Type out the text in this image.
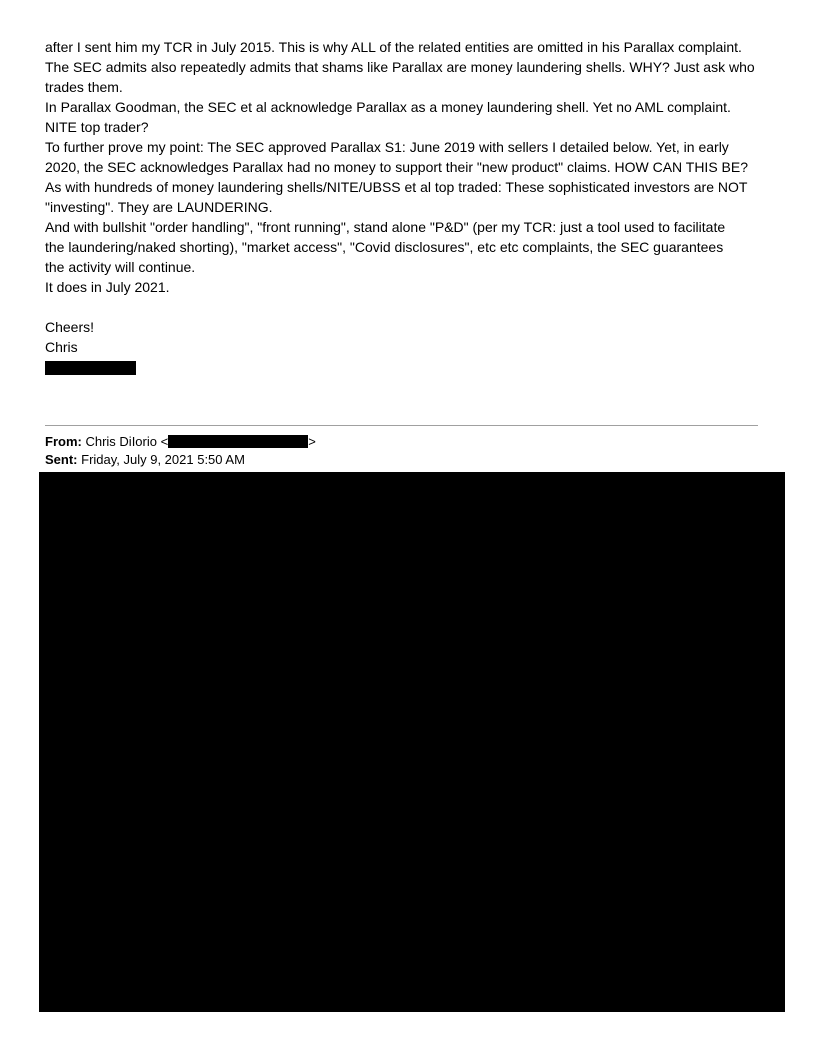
after I sent him my TCR in July 2015. This is why ALL of the related entities are omitted in his Parallax complaint.
The SEC admits also repeatedly admits that shams like Parallax are money laundering shells. WHY? Just ask who
trades them.
In Parallax Goodman, the SEC et al acknowledge Parallax as a money laundering shell. Yet no AML complaint.
NITE top trader?
To further prove my point: The SEC approved Parallax S1: June 2019 with sellers I detailed below. Yet, in early
2020, the SEC acknowledges Parallax had no money to support their "new product" claims. HOW CAN THIS BE?
As with hundreds of money laundering shells/NITE/UBSS et al top traded: These sophisticated investors are NOT
"investing". They are LAUNDERING.
And with bullshit "order handling", "front running", stand alone "P&D" (per my TCR: just a tool used to facilitate
the laundering/naked shorting), "market access", "Covid disclosures", etc etc complaints, the SEC guarantees
the activity will continue.
It does in July 2021.
Cheers!
Chris
From: Chris DiIorio <	>
Sent: Friday, July 9, 2021 5:50 AM
